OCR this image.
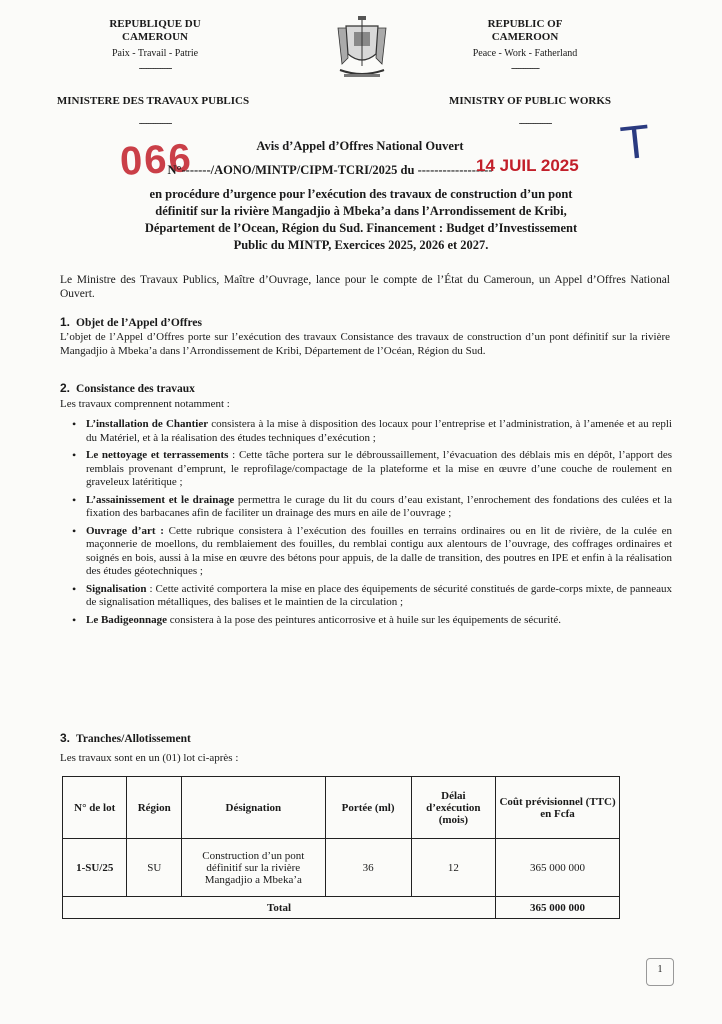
REPUBLIQUE DU
CAMEROUN
Paix - Travail - Patrie
--------------
MINISTERE DES TRAVAUX PUBLICS
--------------
REPUBLIC OF
CAMEROON
Peace - Work - Fatherland
------------
MINISTRY OF PUBLIC WORKS
--------------	T
066	Avis d’Appel d’Offres National Ouvert
N°-------/AONO/MINTP/CIPM-TCRI/2025 du ------------------
14 JUIL 2025
en procédure d’urgence pour l’exécution des travaux de construction d’un pont
définitif sur la rivière Mangadjio à Mbeka’a dans l’Arrondissement de Kribi,
Département de l’Ocean, Région du Sud. Financement : Budget d’Investissement
Public du MINTP, Exercices 2025, 2026 et 2027.
Le Ministre des Travaux Publics, Maître d’Ouvrage, lance pour le compte de l’État du Cameroun, un Appel d’Offres National Ouvert.
1. Objet de l’Appel d’Offres
L’objet de l’Appel d’Offres porte sur l’exécution des travaux Consistance des travaux de construction d’un pont définitif sur la rivière Mangadjio à Mbeka’a dans l’Arrondissement de Kribi, Département de l’Océan, Région du Sud.
2. Consistance des travaux
Les travaux comprennent notamment :
• L’installation de Chantier consistera à la mise à disposition des locaux pour l’entreprise et l’administration, à l’amenée et au repli du Matériel, et à la réalisation des études techniques d’exécution ;
• Le nettoyage et terrassements : Cette tâche portera sur le débroussaillement, l’évacuation des déblais mis en dépôt, l’apport des remblais provenant d’emprunt, le reprofilage/compactage de la plateforme et la mise en œuvre d’une couche de roulement en graveleux latéritique ;
• L’assainissement et le drainage permettra le curage du lit du cours d’eau existant, l’enrochement des fondations des culées et la fixation des barbacanes afin de faciliter un drainage des murs en aile de l’ouvrage ;
• Ouvrage d’art : Cette rubrique consistera à l’exécution des fouilles en terrains ordinaires ou en lit de rivière, de la culée en maçonnerie de moellons, du remblaiement des fouilles, du remblai contigu aux alentours de l’ouvrage, des coffrages ordinaires et soignés en bois, aussi à la mise en œuvre des bétons pour appuis, de la dalle de transition, des poutres en IPE et enfin à la réalisation des études géotechniques ;
• Signalisation : Cette activité comportera la mise en place des équipements de sécurité constitués de garde-corps mixte, de panneaux de signalisation métalliques, des balises et le maintien de la circulation ;
• Le Badigeonnage consistera à la pose des peintures anticorrosive et à huile sur les équipements de sécurité.
3. Tranches/Allotissement
Les travaux sont en un (01) lot ci-après :
N° de lot	Région	Désignation	Portée (ml)	Délai d’exécution (mois)	Coût prévisionnel (TTC) en Fcfa
1-SU/25	SU	Construction d’un pont définitif sur la rivière Mangadjio a Mbeka’a	36	12	365 000 000
Total					365 000 000
1
